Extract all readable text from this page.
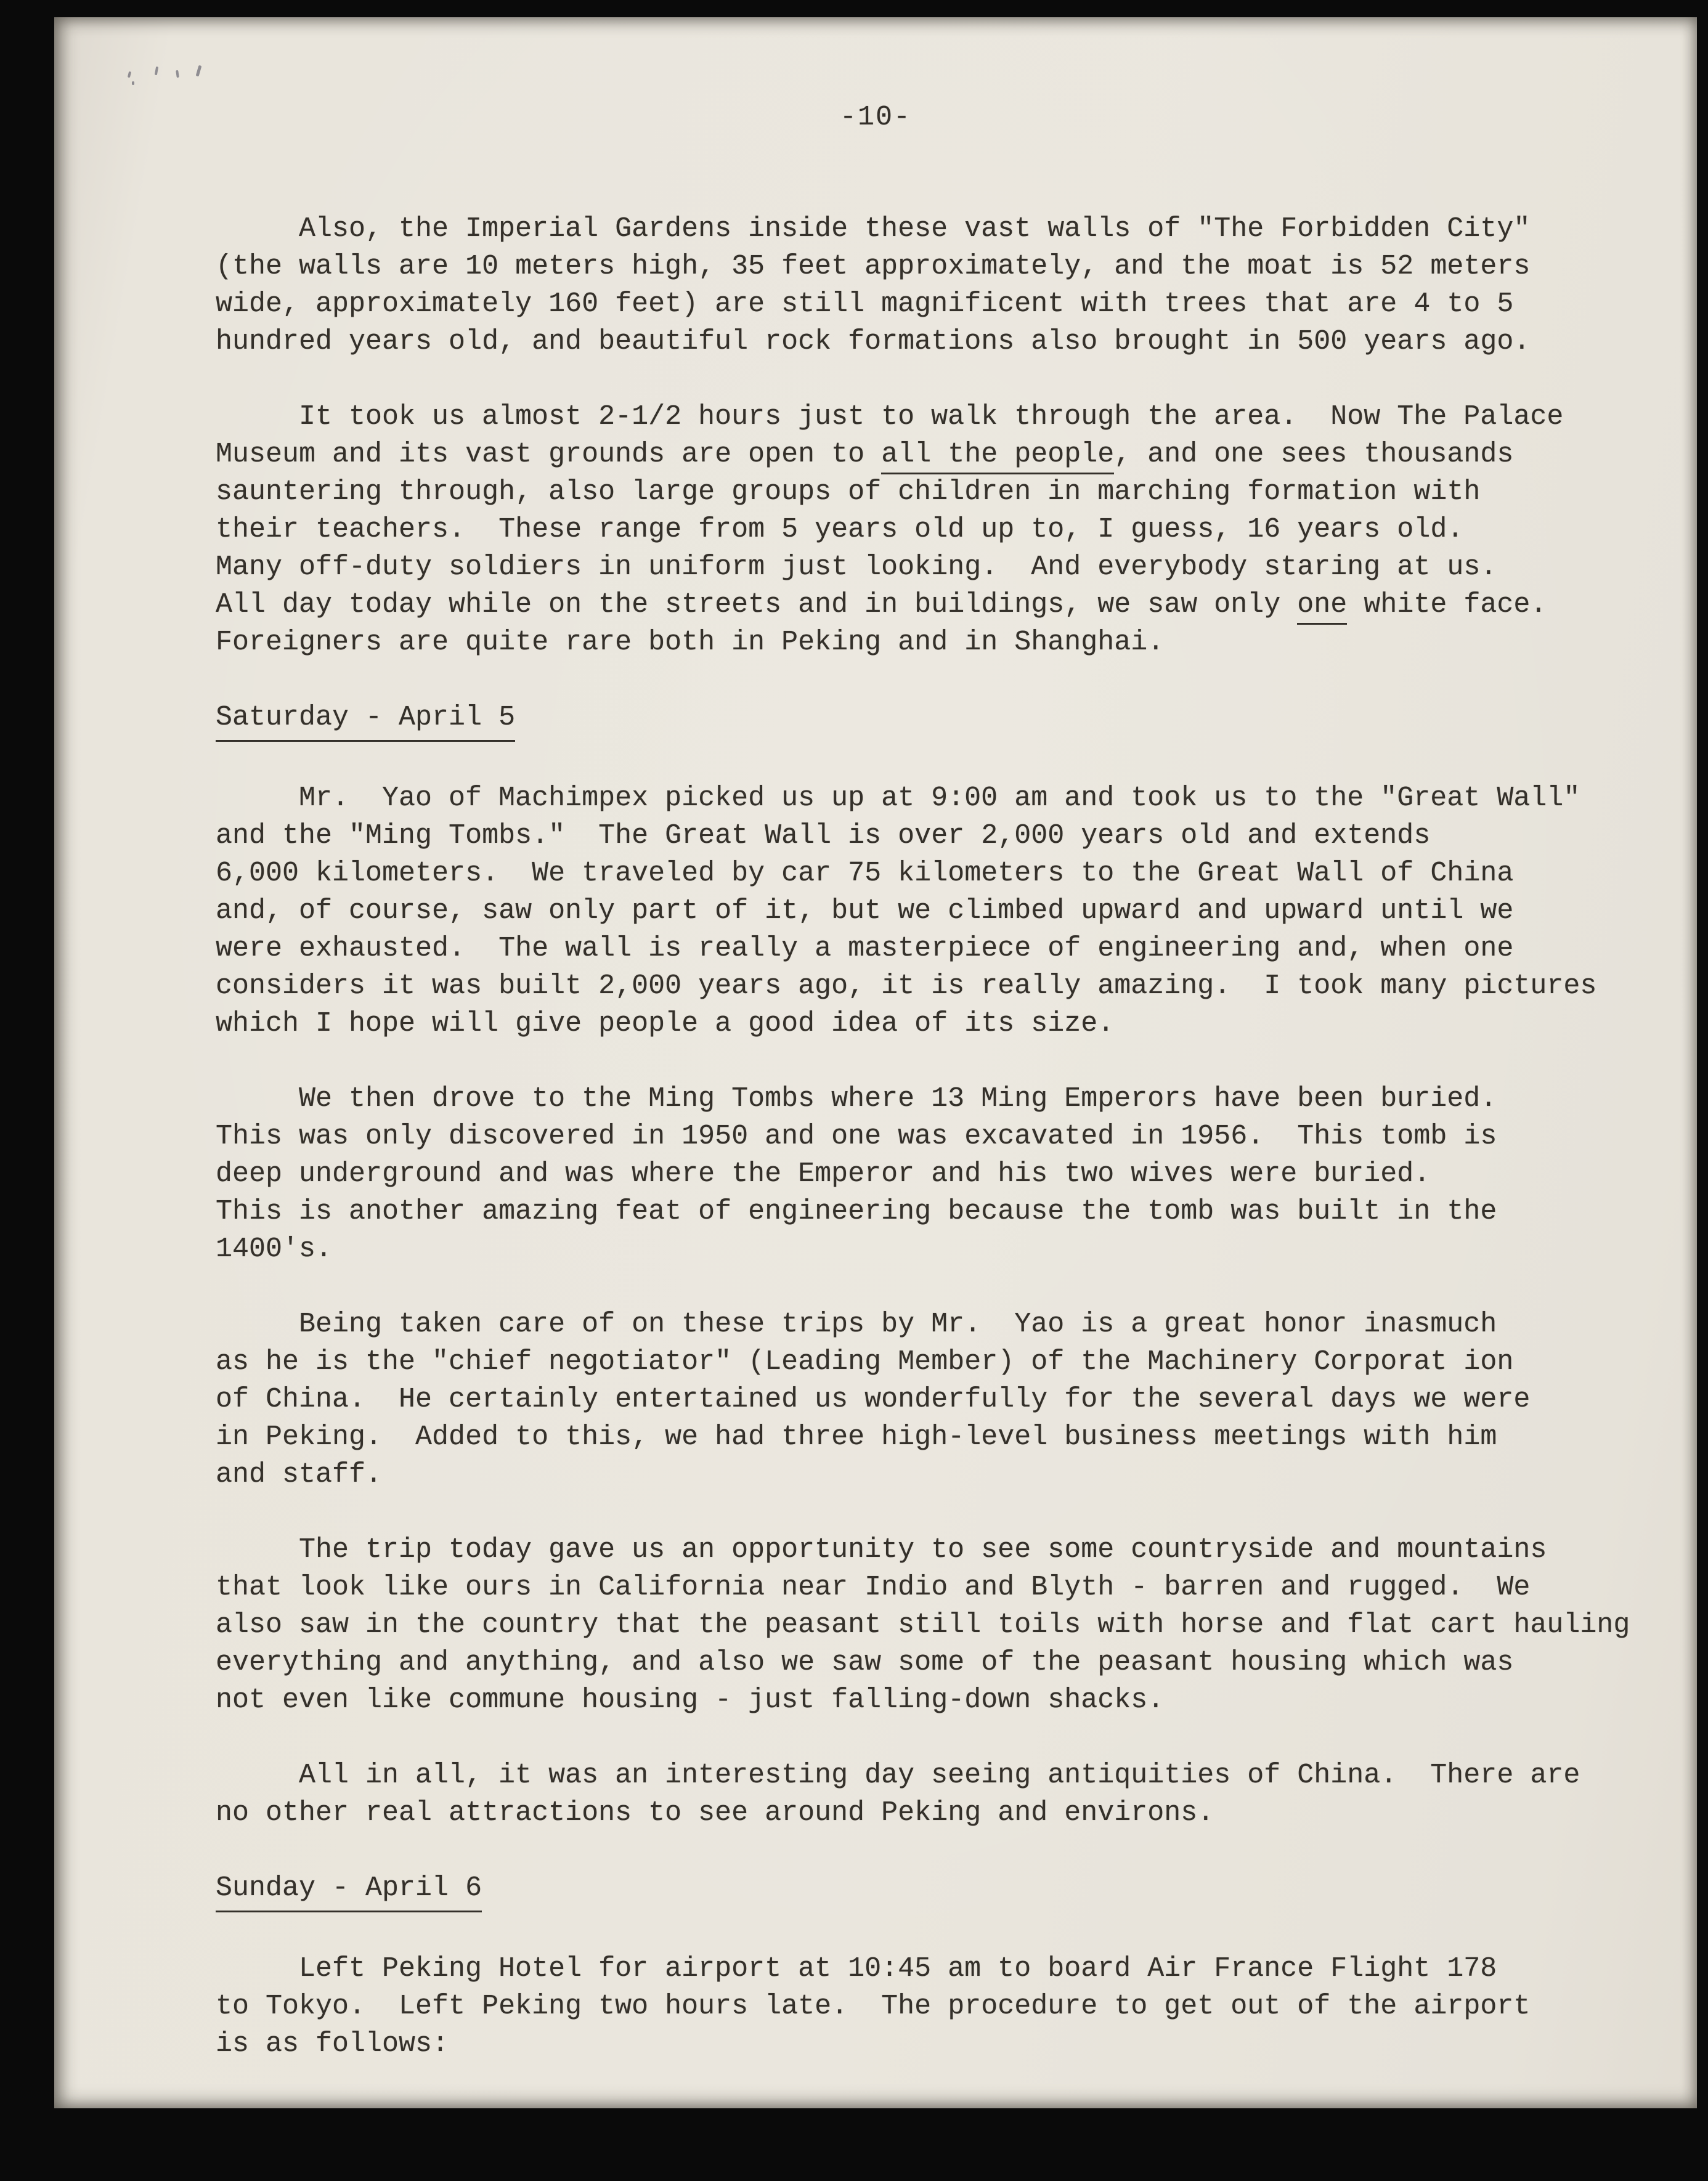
-10-
Also, the Imperial Gardens inside these vast walls of "The Forbidden City"
(the walls are 10 meters high, 35 feet approximately, and the moat is 52 meters
wide, approximately 160 feet) are still magnificent with trees that are 4 to 5
hundred years old, and beautiful rock formations also brought in 500 years ago.
It took us almost 2-1/2 hours just to walk through the area.  Now The Palace
Museum and its vast grounds are open to all the people, and one sees thousands
sauntering through, also large groups of children in marching formation with
their teachers.  These range from 5 years old up to, I guess, 16 years old.
Many off-duty soldiers in uniform just looking.  And everybody staring at us.
All day today while on the streets and in buildings, we saw only one white face.
Foreigners are quite rare both in Peking and in Shanghai.
Saturday - April 5
Mr.  Yao of Machimpex picked us up at 9:00 am and took us to the "Great Wall"
and the "Ming Tombs."  The Great Wall is over 2,000 years old and extends
6,000 kilometers.  We traveled by car 75 kilometers to the Great Wall of China
and, of course, saw only part of it, but we climbed upward and upward until we
were exhausted.  The wall is really a masterpiece of engineering and, when one
considers it was built 2,000 years ago, it is really amazing.  I took many pictures
which I hope will give people a good idea of its size.
We then drove to the Ming Tombs where 13 Ming Emperors have been buried.
This was only discovered in 1950 and one was excavated in 1956.  This tomb is
deep underground and was where the Emperor and his two wives were buried.
This is another amazing feat of engineering because the tomb was built in the
1400's.
Being taken care of on these trips by Mr.  Yao is a great honor inasmuch
as he is the "chief negotiator" (Leading Member) of the Machinery Corporat ion
of China.  He certainly entertained us wonderfully for the several days we were
in Peking.  Added to this, we had three high-level business meetings with him
and staff.
The trip today gave us an opportunity to see some countryside and mountains
that look like ours in California near Indio and Blyth - barren and rugged.  We
also saw in the country that the peasant still toils with horse and flat cart hauling
everything and anything, and also we saw some of the peasant housing which was
not even like commune housing - just falling-down shacks.
All in all, it was an interesting day seeing antiquities of China.  There are
no other real attractions to see around Peking and environs.
Sunday - April 6
Left Peking Hotel for airport at 10:45 am to board Air France Flight 178
to Tokyo.  Left Peking two hours late.  The procedure to get out of the airport
is as follows:
